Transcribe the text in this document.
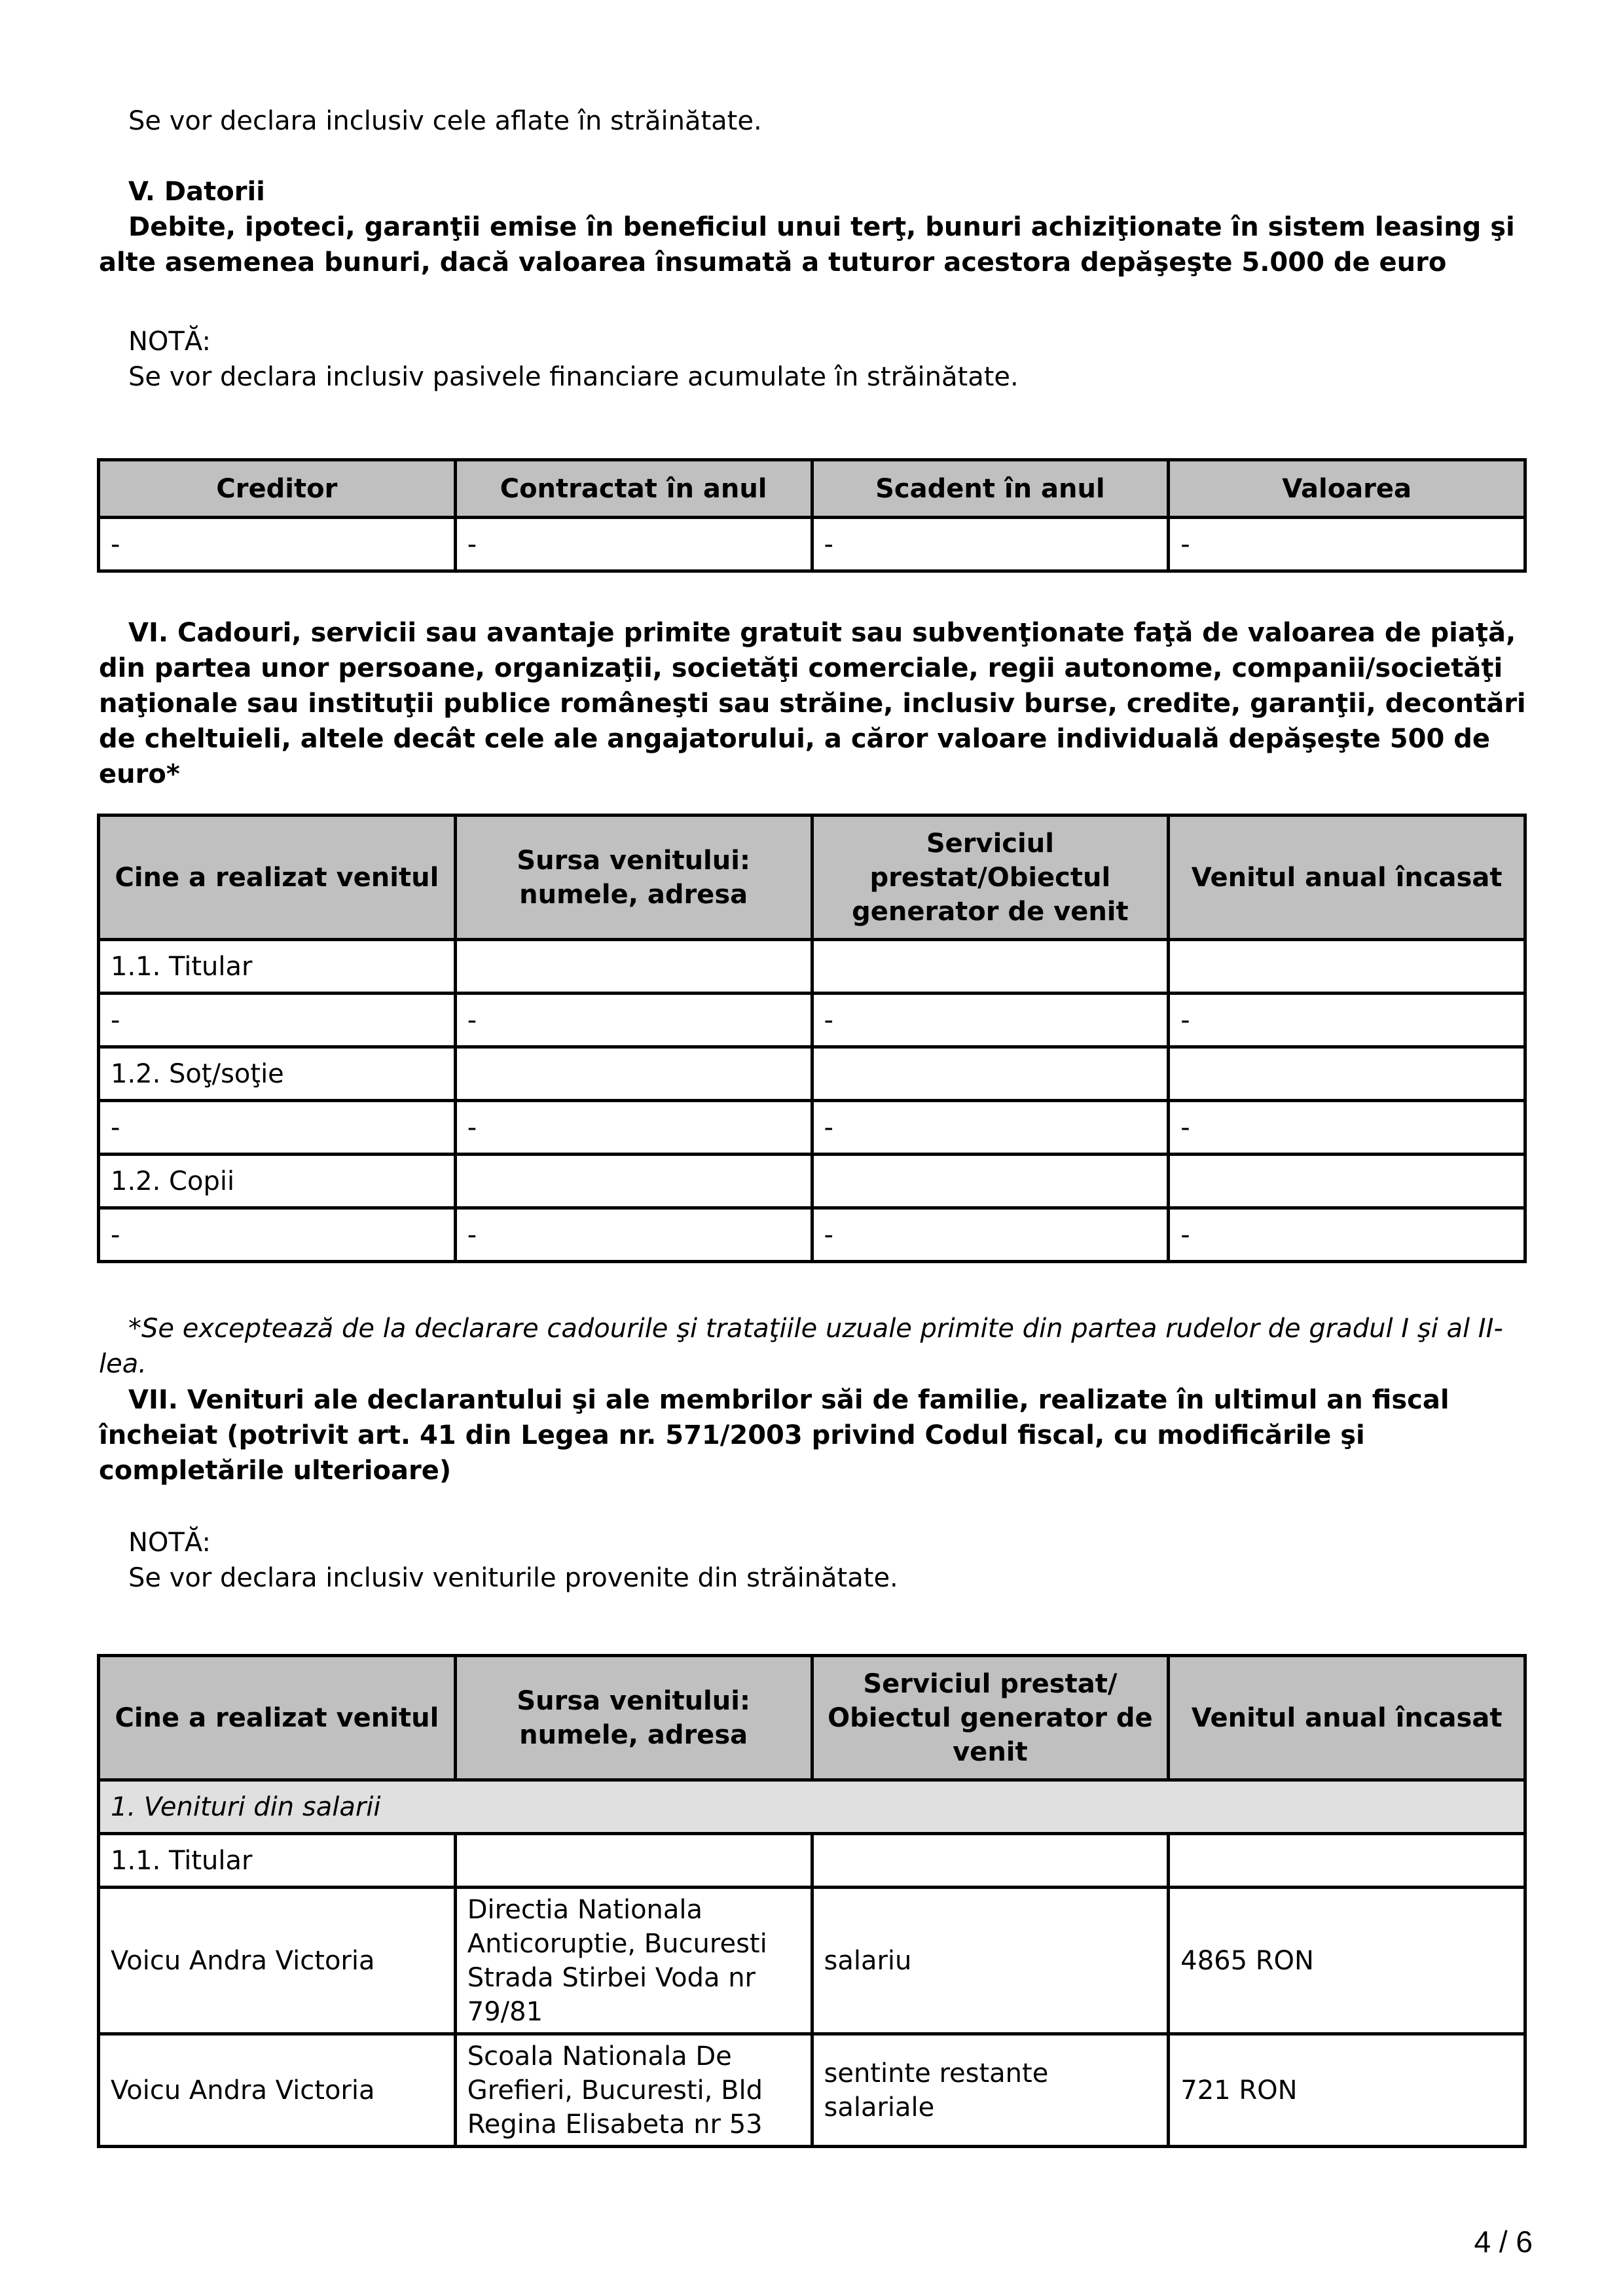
Se vor declara inclusiv cele aflate în străinătate.

V. Datorii

Debite, ipoteci, garanţii emise în beneficiul unui terţ, bunuri achiziţionate în sistem leasing şi alte asemenea bunuri, dacă valoarea însumată a tuturor acestora depăşeşte 5.000 de euro

NOTĂ:

Se vor declara inclusiv pasivele financiare acumulate în străinătate.

Creditor	Contractat în anul	Scadent în anul	Valoarea
-	-	-	-

VI. Cadouri, servicii sau avantaje primite gratuit sau subvenţionate faţă de valoarea de piaţă, din partea unor persoane, organizaţii, societăţi comerciale, regii autonome, companii/societăţi naţionale sau instituţii publice româneşti sau străine, inclusiv burse, credite, garanţii, decontări de cheltuieli, altele decât cele ale angajatorului, a căror valoare individuală depăşeşte 500 de euro*

Cine a realizat venitul	Sursa venitului: numele, adresa	Serviciul prestat/Obiectul generator de venit	Venitul anual încasat
1.1. Titular			
-	-	-	-
1.2. Soţ/soţie			
-	-	-	-
1.2. Copii			
-	-	-	-

*Se exceptează de la declarare cadourile şi trataţiile uzuale primite din partea rudelor de gradul I şi al II-lea.

VII. Venituri ale declarantului şi ale membrilor săi de familie, realizate în ultimul an fiscal încheiat (potrivit art. 41 din Legea nr. 571/2003 privind Codul fiscal, cu modificările şi completările ulterioare)

NOTĂ:

Se vor declara inclusiv veniturile provenite din străinătate.

Cine a realizat venitul	Sursa venitului: numele, adresa	Serviciul prestat/ Obiectul generator de venit	Venitul anual încasat
1. Venituri din salarii			
1.1. Titular			
Voicu Andra Victoria	Directia Nationala Anticoruptie, Bucuresti Strada Stirbei Voda nr 79/81	salariu	4865 RON
Voicu Andra Victoria	Scoala Nationala De Grefieri, Bucuresti, Bld Regina Elisabeta nr 53	sentinte restante salariale	721 RON
4 / 6
